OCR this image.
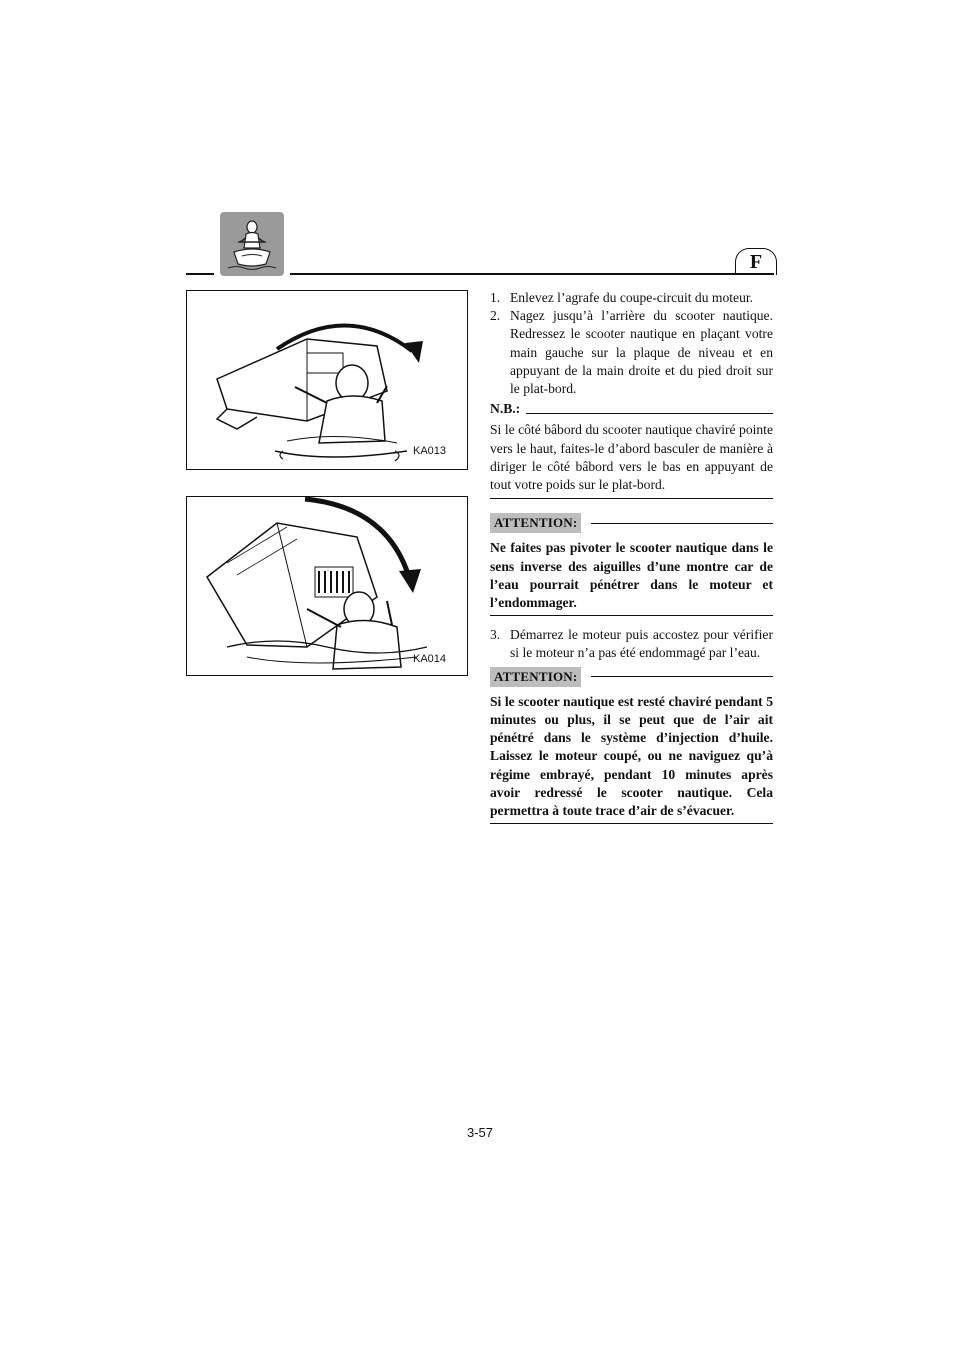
F
KA013
KA014
1. Enlevez l’agrafe du coupe-circuit du moteur.
2. Nagez jusqu’à l’arrière du scooter nautique. Redressez le scooter nautique en plaçant votre main gauche sur la plaque de niveau et en appuyant de la main droite et du pied droit sur le plat-bord.
N.B.:
Si le côté bâbord du scooter nautique chaviré pointe vers le haut, faites-le d’abord basculer de manière à diriger le côté bâbord vers le bas en appuyant de tout votre poids sur le plat-bord.
ATTENTION:
Ne faites pas pivoter le scooter nautique dans le sens inverse des aiguilles d’une montre car de l’eau pourrait pénétrer dans le moteur et l’endommager.
3. Démarrez le moteur puis accostez pour vérifier si le moteur n’a pas été endommagé par l’eau.
ATTENTION:
Si le scooter nautique est resté chaviré pendant 5 minutes ou plus, il se peut que de l’air ait pénétré dans le système d’injection d’huile. Laissez le moteur coupé, ou ne naviguez qu’à régime embrayé, pendant 10 minutes après avoir redressé le scooter nautique. Cela permettra à toute trace d’air de s’évacuer.
3-57
